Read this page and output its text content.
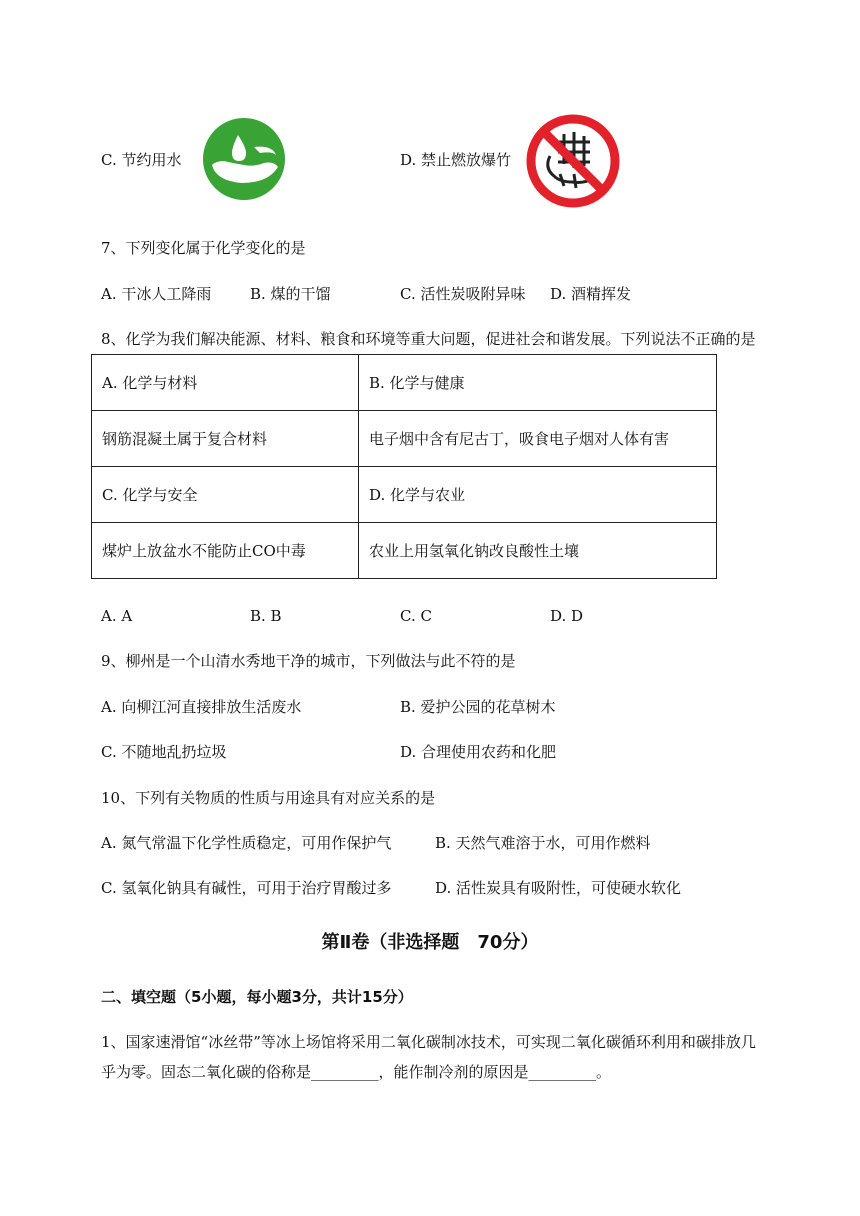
C. 节约用水	D. 禁止燃放爆竹
7、下列变化属于化学变化的是
A. 干冰人工降雨	B. 煤的干馏	C. 活性炭吸附异味 D. 酒精挥发
8、化学为我们解决能源、材料、粮食和环境等重大问题，促进社会和谐发展。下列说法不正确的是
A. 化学与材料	B. 化学与健康
钢筋混凝土属于复合材料	电子烟中含有尼古丁，吸食电子烟对人体有害
C. 化学与安全	D. 化学与农业
煤炉上放盆水不能防止CO中毒	农业上用氢氧化钠改良酸性土壤
A. A	B. B	C. C	D. D
9、柳州是一个山清水秀地干净的城市，下列做法与此不符的是
A. 向柳江河直接排放生活废水	B. 爱护公园的花草树木
C. 不随地乱扔垃圾	D. 合理使用农药和化肥
10、下列有关物质的性质与用途具有对应关系的是
A. 氮气常温下化学性质稳定，可用作保护气	B. 天然气难溶于水，可用作燃料
C. 氢氧化钠具有碱性，可用于治疗胃酸过多	D. 活性炭具有吸附性，可使硬水软化
第Ⅱ卷（非选择题　70分）
二、填空题（5小题，每小题3分，共计15分）
1、国家速滑馆“冰丝带”等冰上场馆将采用二氧化碳制冰技术，可实现二氧化碳循环利用和碳排放几
乎为零。固态二氧化碳的俗称是_________，能作制冷剂的原因是_________。
